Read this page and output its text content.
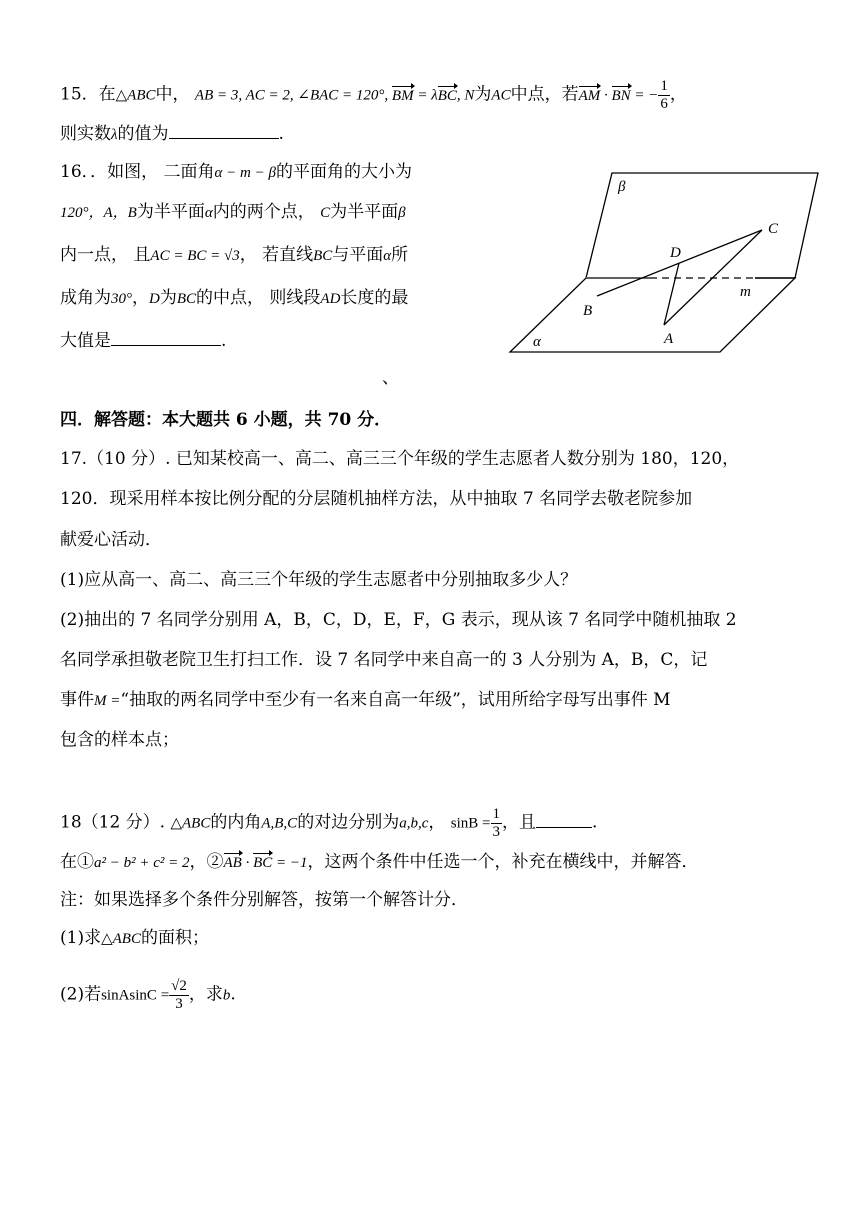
15．在△ABC中， AB = 3, AC = 2, ∠BAC = 120°, BM = λBC, N为AC中点，若AM · BN = − $\frac{1}{6}$ ，
则实数λ的值为	.
16．．如图， 二面角α − m − β的平面角的大小为
120°，A，B为半平面α内的两个点， C为半平面β
内一点， 且AC = BC = √3， 若直线BC与平面α所
成角为30°，D为BC的中点， 则线段AD长度的最
大值是	.
、
β
C
D
m
B
A
α
四．解答题：本大题共 6 小题，共 70 分．
17.（10 分）. 已知某校高一、高二、高三三个年级的学生志愿者人数分别为 180，120，
120．现采用样本按比例分配的分层随机抽样方法，从中抽取 7 名同学去敬老院参加
献爱心活动．
(1)应从高一、高二、高三三个年级的学生志愿者中分别抽取多少人？
(2)抽出的 7 名同学分别用 A，B，C，D，E，F，G 表示，现从该 7 名同学中随机抽取 2
名同学承担敬老院卫生打扫工作．设 7 名同学中来自高一的 3 人分别为 A，B，C，记
事件M =“抽取的两名同学中至少有一名来自高一年级”，试用所给字母写出事件 M
包含的样本点；
18（12 分）. △ABC的内角A,B,C的对边分别为a,b,c， $\sin B = \frac{1}{3}$ ，且	.
在①a² − b² + c² = 2，②AB · BC = −1，这两个条件中任选一个，补充在横线中，并解答．
注：如果选择多个条件分别解答，按第一个解答计分．
(1)求△ABC的面积；
(2)若sinAsinC = $\frac{√2}{3}$ ，求b.
